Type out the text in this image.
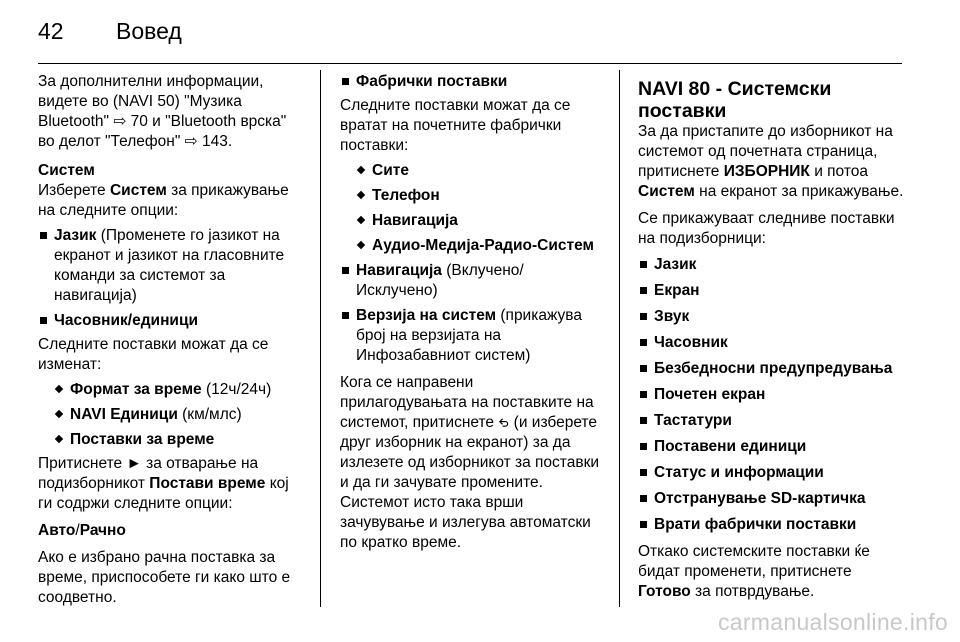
42 Вовед

За дополнителни информации, видете во (NAVI 50) "Музика Bluetooth" ⇨ 70 и "Bluetooth врска" во делот "Телефон" ⇨ 143.

Систем

Изберете Систем за прикажување на следните опции:

Јазик (Променете го јазикот на екранот и јазикот на гласовните команди за системот за навигација)
Часовник/единици

Следните поставки можат да се изменат:

Формат за време (12ч/24ч)
NAVI Единици (км/млс)
Поставки за време

Притиснете ► за отварање на подизборникот Постави време кој ги содржи следните опции:

Авто/Рачно

Ако е избрано рачна поставка за време, приспособете ги како што е соодветно.

Фабрички поставки

Следните поставки можат да се вратат на почетните фабрички поставки:

Сите
Телефон
Навигација
Аудио-Медија-Радио-Систем
Навигација (Вклучено/ Исклучено)
Верзија на систем (прикажува број на верзијата на Инфозабавниот систем)

Кога се направени прилагодувањата на поставките на системот, притиснете (и изберете друг изборник на екранот) за да излезете од изборникот за поставки и да ги зачувате промените. Системот исто така врши зачувување и излегува автоматски по кратко време.

NAVI 80 - Системски поставки

За да пристапите до изборникот на системот од почетната страница, притиснете ИЗБОРНИК и потоа Систем на екранот за прикажување.

Се прикажуваат следниве поставки на подизборници:

Јазик
Екран
Звук
Часовник
Безбедносни предупредувања
Почетен екран
Тастатури
Поставени единици
Статус и информации
Отстранување SD-картичка
Врати фабрички поставки

Откако системските поставки ќе бидат променети, притиснете Готово за потврдување.

carmanualsonline.info
